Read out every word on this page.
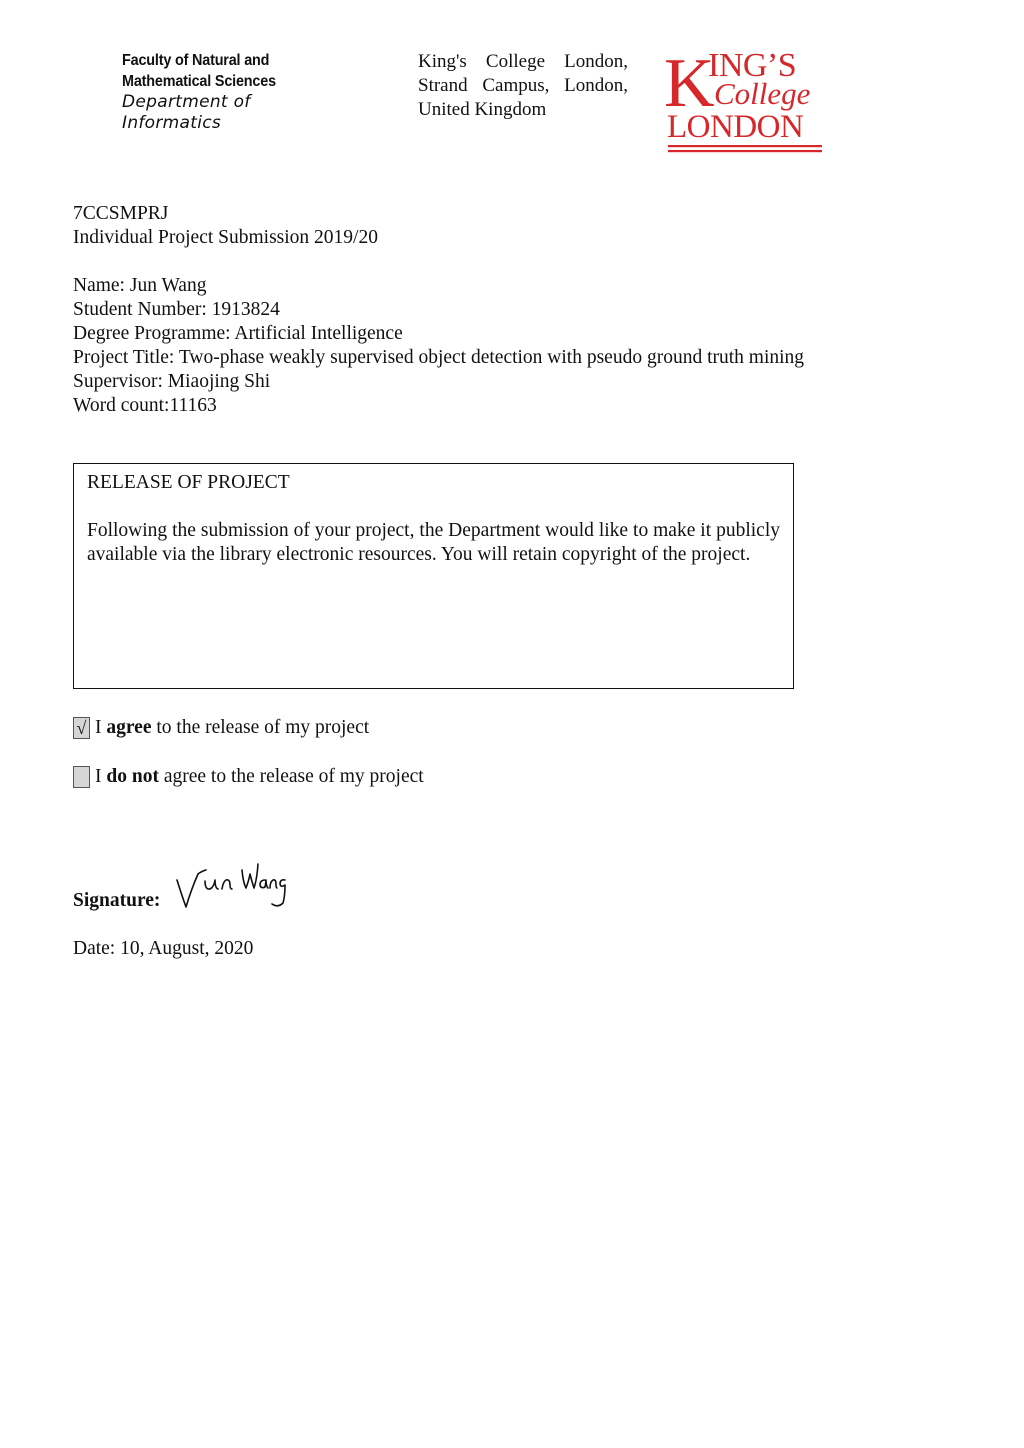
Faculty of Natural and
Mathematical Sciences
Department of
Informatics
King's College London,
Strand Campus, London,
United Kingdom	K
ING’S
College
LONDON
7CCSMPRJ
Individual Project Submission 2019/20
Name: Jun Wang
Student Number: 1913824
Degree Programme: Artificial Intelligence
Project Title: Two-phase weakly supervised object detection with pseudo ground truth mining
Supervisor: Miaojing Shi
Word count:11163

RELEASE OF PROJECT

Following the submission of your project, the Department would like to make it publicly available via the library electronic resources. You will retain copyright of the project.

√ I
agree
to the release of my project
I
do not
agree to the release of my project
Signature:
Date: 10, August, 2020
